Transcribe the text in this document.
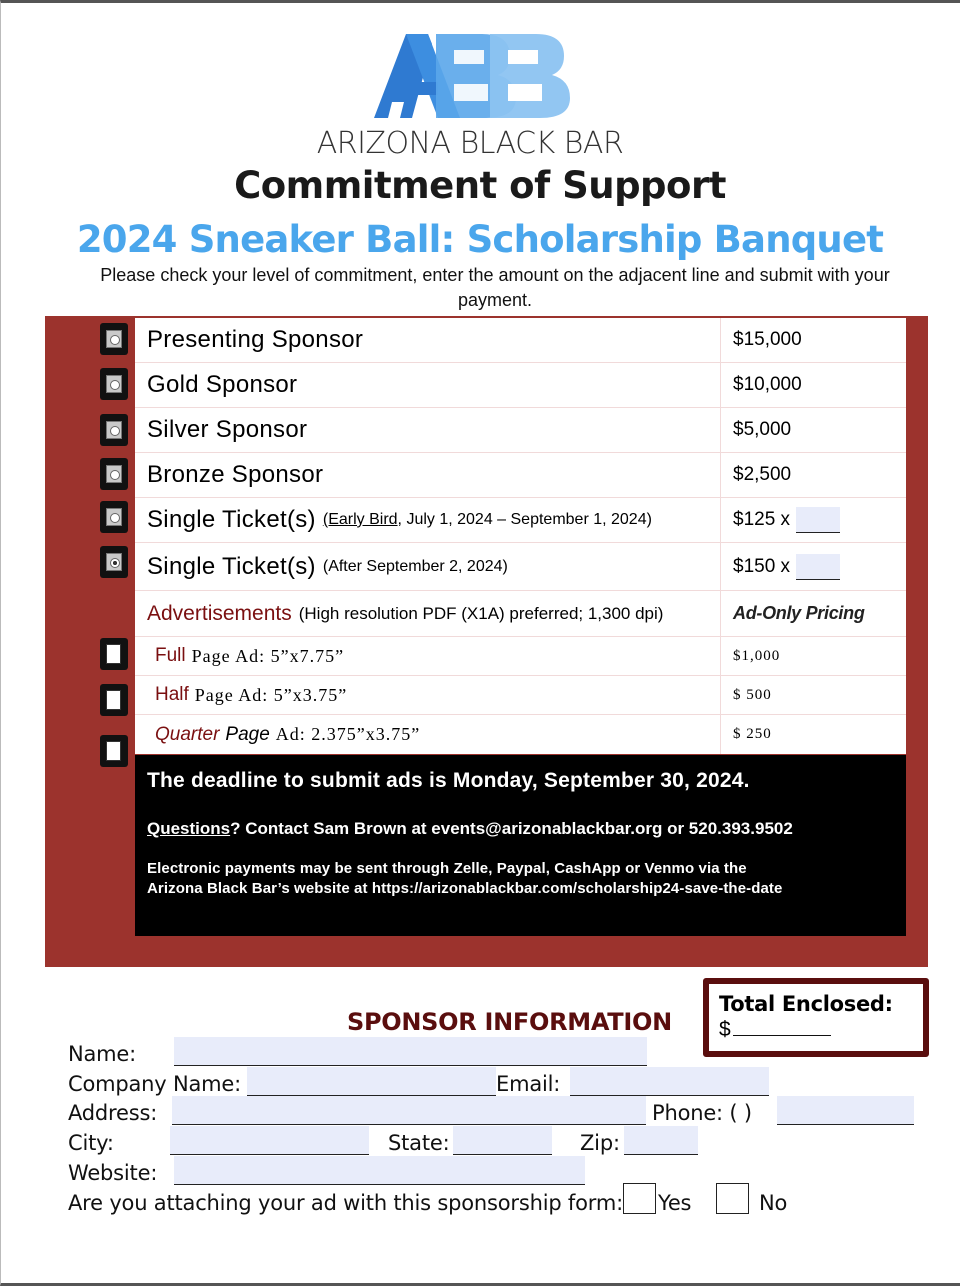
ARIZONA BLACK BAR
Commitment of Support
2024 Sneaker Ball: Scholarship Banquet
Please check your level of commitment, enter the amount on the adjacent line and submit with your payment.
Presenting Sponsor	$15,000
Gold Sponsor	$10,000
Silver Sponsor	$5,000
Bronze Sponsor	$2,500
Single Ticket(s) (Early Bird , July 1, 2024 – September 1, 2024)	$125 x
Single Ticket(s) (After September 2, 2024)	$150 x
Advertisements (High resolution PDF (X1A) preferred; 1,300 dpi)	Ad-Only Pricing
Full Page Ad: 5”x7.75”	$1,000
Half Page Ad: 5”x3.75”	$ 500
Quarter Page Ad: 2.375”x3.75”	$ 250
The deadline to submit ads is Monday, September 30, 2024.
Questions? Contact Sam Brown at events@arizonablackbar.org or 520.393.9502
Electronic payments may be sent through Zelle, Paypal, CashApp or Venmo via the
Arizona Black Bar’s website at https://arizonablackbar.com/scholarship24-save-the-date
Total Enclosed:
$
SPONSOR INFORMATION
Name:
Company Name:	Email:
Address:	Phone: ( )
City:	State:	Zip:
Website:
Are you attaching your ad with this sponsorship form: Yes	No
